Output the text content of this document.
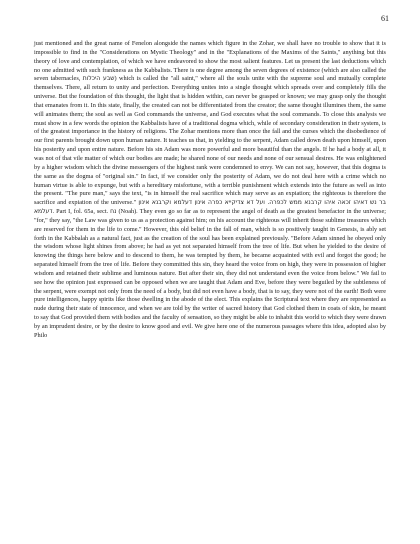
61

just mentioned and the great name of Fenelon alongside the names which figure in the Zohar, we shall have no trouble to show that it is impossible to find in the "Considerations on Mystic Theology" and in the "Explanations of the Maxims of the Saints," anything but this theory of love and contemplation, of which we have endeavored to show the most salient features. Let us present the last deductions which no one admitted with such frankness as the Kabbalists. There is one degree among the seven degrees of existence (which are also called the seven tabernacles, שבע היכלות) which is called the "all saint," where all the souls unite with the supreme soul and mutually complete themselves. There, all return to unity and perfection. Everything unites into a single thought which spreads over and completely fills the universe. But the foundation of this thought, the light that is hidden within, can never be grasped or known; we may grasp only the thought that emanates from it. In this state, finally, the created can not be differentiated from the creator; the same thought illumines them, the same will animates them; the soul as well as God commands the universe, and God executes what the soul commands. To close this analysis we must show in a few words the opinion the Kabbalists have of a traditional dogma which, while of secondary consideration in their system, is of the greatest importance in the history of religions. The Zohar mentions more than once the fall and the curses which the disobedience of our first parents brought down upon human nature. It teaches us that, in yielding to the serpent, Adam called down death upon himself, upon his posterity and upon entire nature. Before his sin Adam was more powerful and more beautiful than the angels. If he had a body at all, it was not of that vile matter of which our bodies are made; he shared none of our needs and none of our sensual desires. He was enlightened by a higher wisdom which the divine messengers of the highest rank were condemned to envy. We can not say, however, that this dogma is the same as the dogma of "original sin." In fact, if we consider only the posterity of Adam, we do not deal here with a crime which no human virtue is able to expunge, but with a hereditary misfortune, with a terrible punishment which extends into the future as well as into the present. "The pure man," says the text, "is in himself the real sacrifice which may serve as an expiation; the righteous is therefore the sacrifice and expiation of the universe." בר נש דאיהו זכאה איהו קרבנא ממש לכפרה. ועל דא צדיקייא כפרה אינון דעלמא וקרבנא אינון דעלמא. Part I, fol. 65a, sect. נח (Noah). They even go so far as to represent the angel of death as the greatest benefactor in the universe; "for," they say, "the Law was given to us as a protection against him; on his account the righteous will inherit those sublime treasures which are reserved for them in the life to come." However, this old belief in the fall of man, which is so positively taught in Genesis, is ably set forth in the Kabbalah as a natural fact, just as the creation of the soul has been explained previously. "Before Adam sinned he obeyed only the wisdom whose light shines from above; he had as yet not separated himself from the tree of life. But when he yielded to the desire of knowing the things here below and to descend to them, he was tempted by them, he became acquainted with evil and forgot the good; he separated himself from the tree of life. Before they committed this sin, they heard the voice from on high, they were in possession of higher wisdom and retained their sublime and luminous nature. But after their sin, they did not understand even the voice from below." We fail to see how the opinion just expressed can be opposed when we are taught that Adam and Eve, before they were beguiled by the subtleness of the serpent, were exempt not only from the need of a body, but did not even have a body, that is to say, they were not of the earth! Both were pure intelligences, happy spirits like those dwelling in the abode of the elect. This explains the Scriptural text where they are represented as nude during their state of innocence, and when we are told by the writer of sacred history that God clothed them in coats of skin, he meant to say that God provided them with bodies and the faculty of sensation, so they might be able to inhabit this world to which they were drawn by an imprudent desire, or by the desire to know good and evil. We give here one of the numerous passages where this idea, adopted also by Philo
